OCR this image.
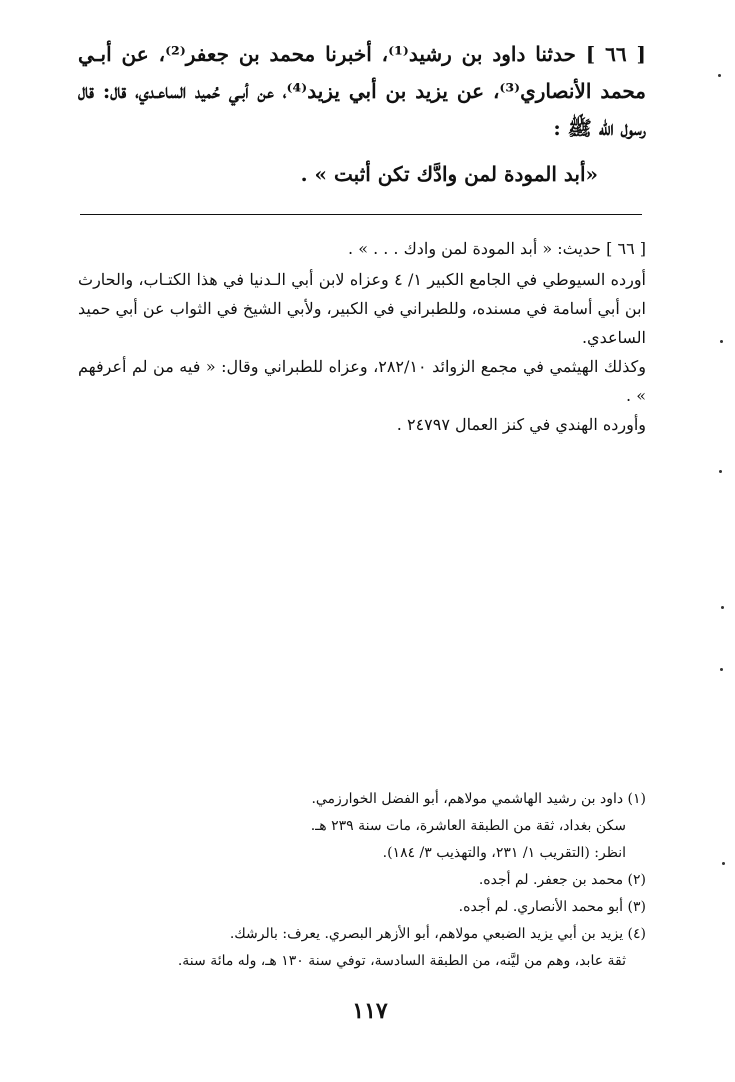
[ ٦٦ ] حدثنا داود بن رشيد⁽¹⁾، أخبرنا محمد بن جعفر⁽²⁾، عن أبـي محمد الأنصاري⁽³⁾، عن يزيد بن أبي يزيد⁽⁴⁾، عن أبـي حُميد الساعـدي، قال: قال رسول الله ﷺ :
«أبد المودة لمن وادَّك تكن أثبت » .

[ ٦٦ ] حديث: « أبد المودة لمن وادك . . . » .

أورده السيوطي في الجامع الكبير ١/ ٤ وعزاه لابن أبي الـدنيا في هذا الكتـاب، والحارث ابن أبي أسامة في مسنده، وللطبراني في الكبير، ولأبي الشيخ في الثواب عن أبي حميد الساعدي.

وكذلك الهيثمي في مجمع الزوائد ٢٨٢/١٠، وعزاه للطبراني وقال: « فيه من لم أعرفهم » .

وأورده الهندي في كنز العمال ٢٤٧٩٧ .

(١) داود بن رشيد الهاشمي مولاهم، أبو الفضل الخوارزمي.

سكن بغداد، ثقة من الطبقة العاشرة، مات سنة ٢٣٩ هـ.

انظر: (التقريب ١/ ٢٣١، والتهذيب ٣/ ١٨٤).

(٢) محمد بن جعفر. لم أجده.

(٣) أبو محمد الأنصاري. لم أجده.

(٤) يزيد بن أبي يزيد الضبعي مولاهم، أبو الأزهر البصري. يعرف: بالرشك.

ثقة عابد، وهم من ليَّنه، من الطبقة السادسة، توفي سنة ١٣٠ هـ، وله مائة سنة.

١١٧
